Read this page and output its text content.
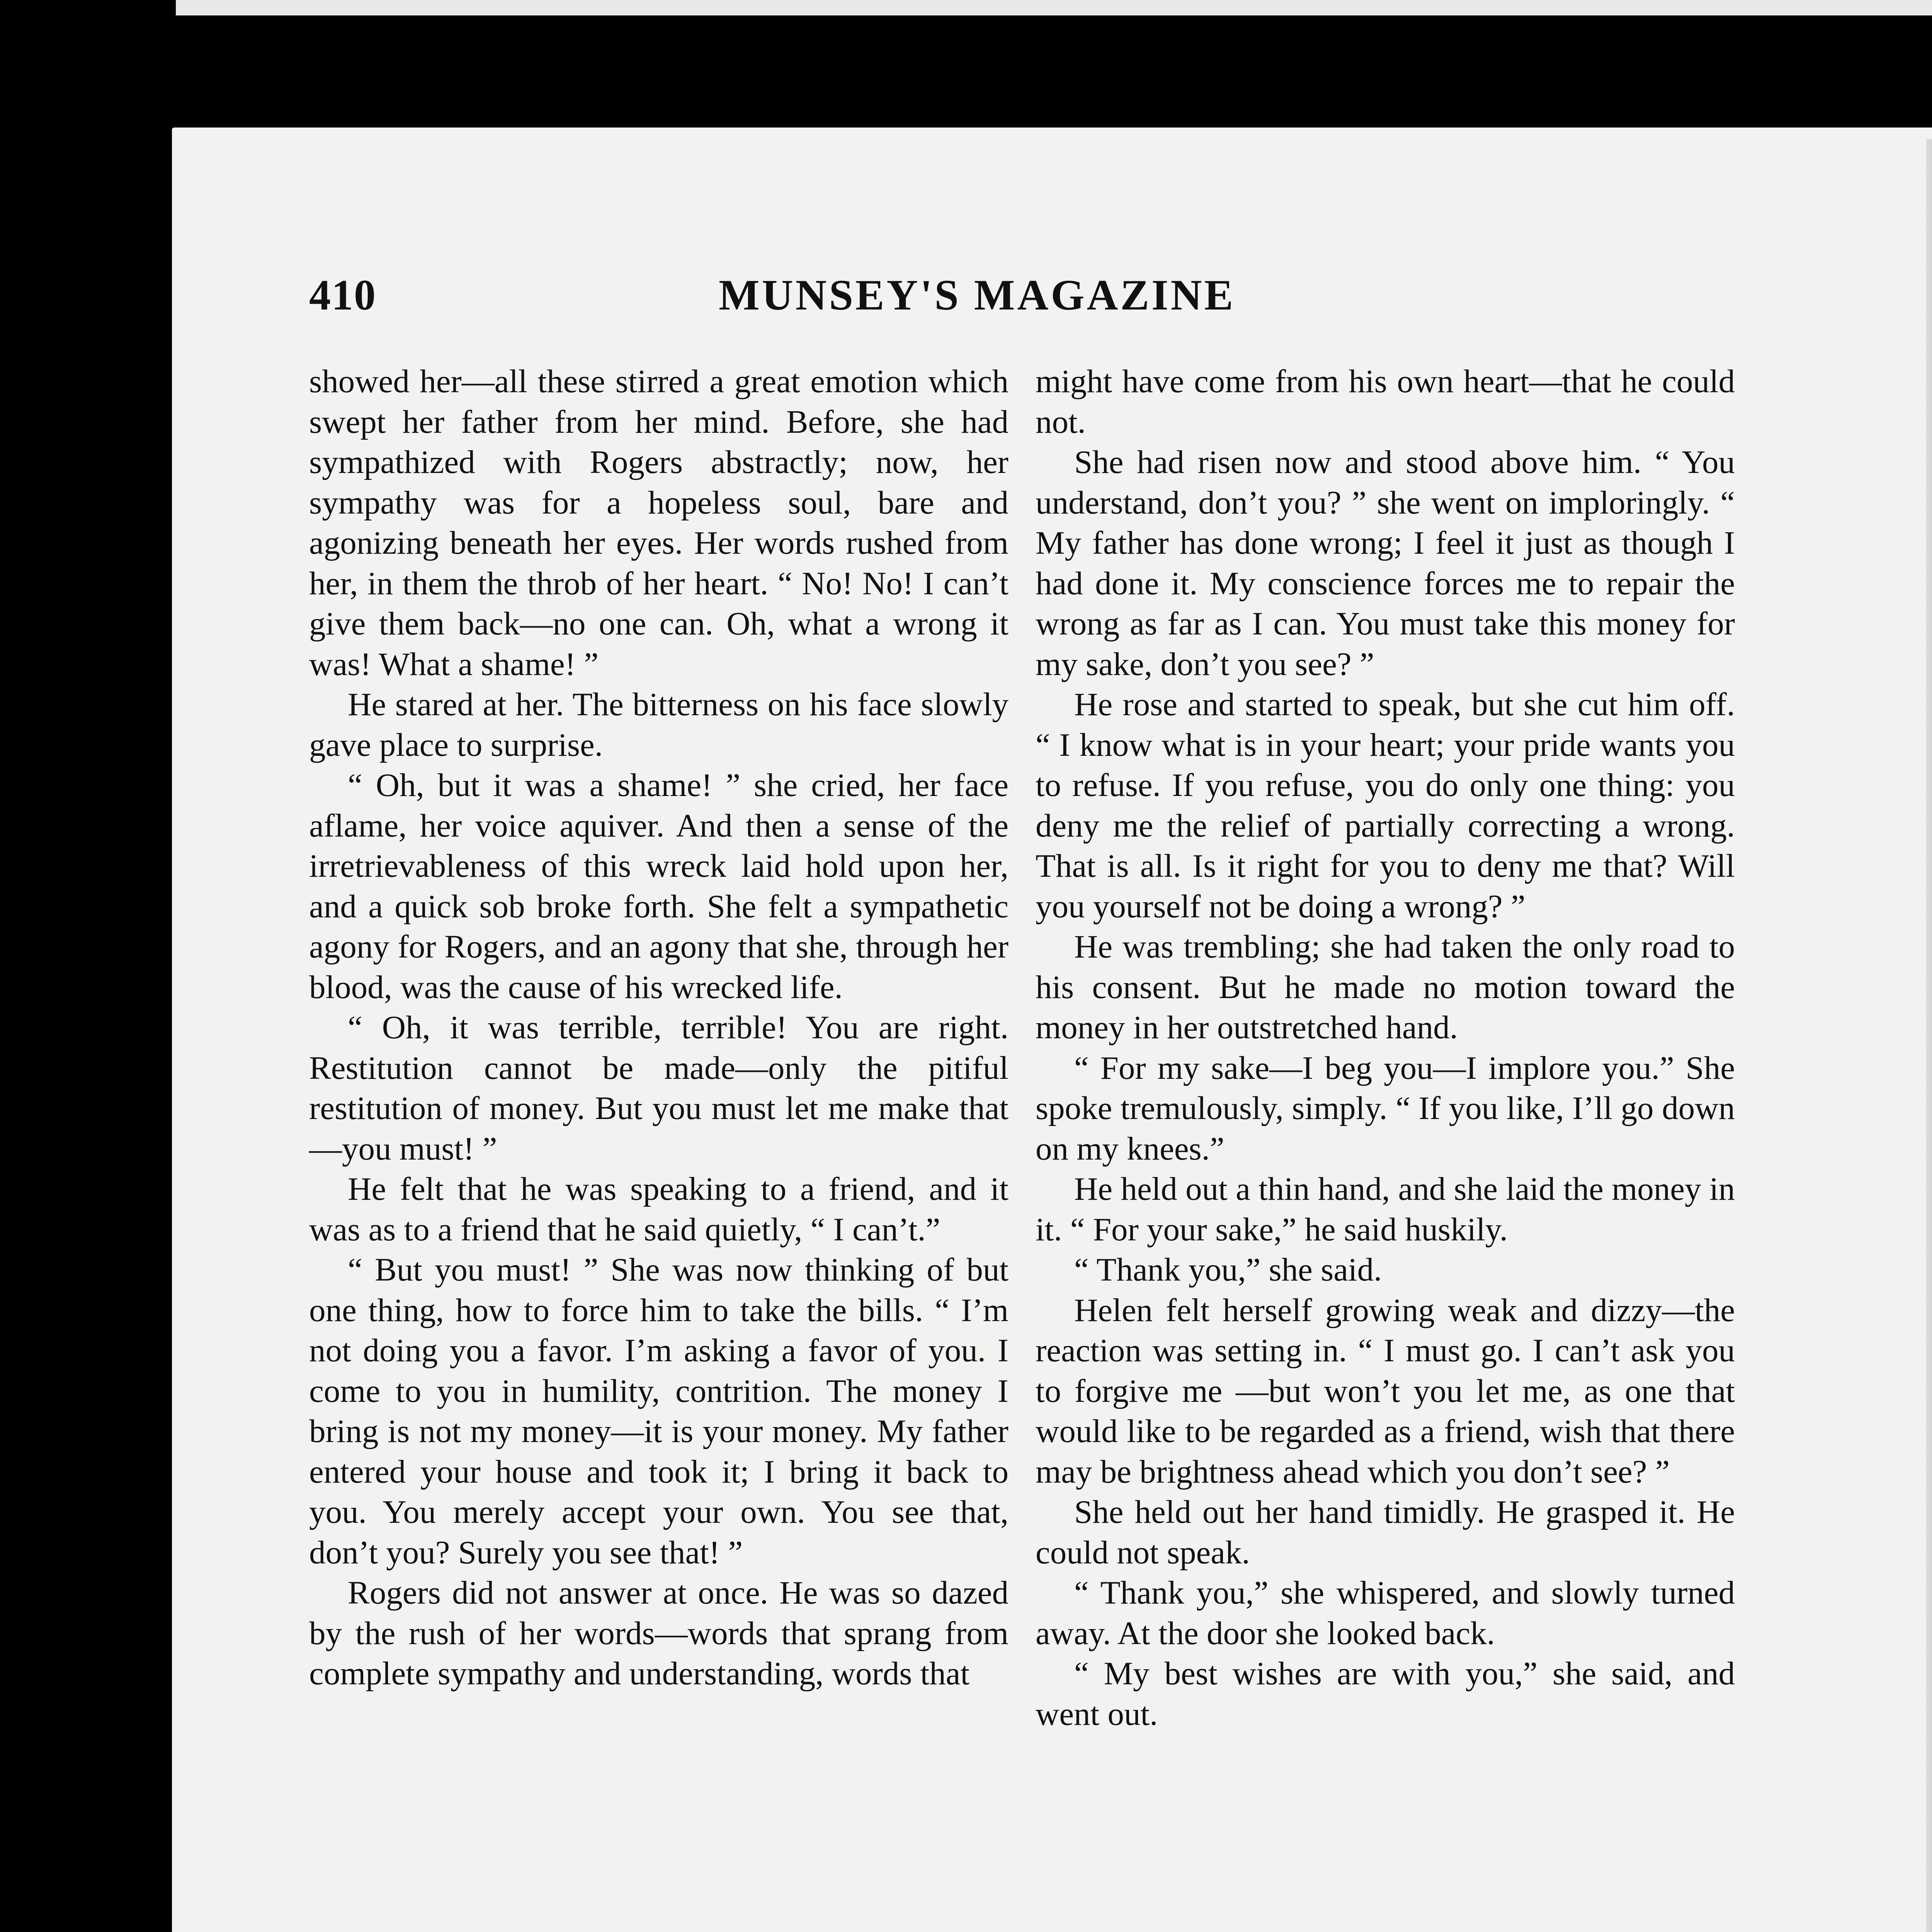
410	MUNSEY'S MAGAZINE

showed her—all these stirred a great emotion which swept her father from her mind. Before, she had sympathized with Rogers abstractly; now, her sympathy was for a hopeless soul, bare and agonizing beneath her eyes. Her words rushed from her, in them the throb of her heart. “ No! No! I can’t give them back—no one can. Oh, what a wrong it was! What a shame! ”

He stared at her. The bitterness on his face slowly gave place to surprise.

“ Oh, but it was a shame! ” she cried, her face aflame, her voice aquiver. And then a sense of the irretrievableness of this wreck laid hold upon her, and a quick sob broke forth. She felt a sympathetic agony for Rogers, and an agony that she, through her blood, was the cause of his wrecked life.

“ Oh, it was terrible, terrible! You are right. Restitution cannot be made—only the pitiful restitution of money. But you must let me make that—you must! ”

He felt that he was speaking to a friend, and it was as to a friend that he said quietly, “ I can’t.”

“ But you must! ” She was now thinking of but one thing, how to force him to take the bills. “ I’m not doing you a favor. I’m asking a favor of you. I come to you in humility, contrition. The money I bring is not my money—it is your money. My father entered your house and took it; I bring it back to you. You merely accept your own. You see that, don’t you? Surely you see that! ”

Rogers did not answer at once. He was so dazed by the rush of her words—words that sprang from complete sympathy and understanding, words that

might have come from his own heart—that he could not.

She had risen now and stood above him. “ You understand, don’t you? ” she went on imploringly. “ My father has done wrong; I feel it just as though I had done it. My conscience forces me to repair the wrong as far as I can. You must take this money for my sake, don’t you see? ”

He rose and started to speak, but she cut him off. “ I know what is in your heart; your pride wants you to refuse. If you refuse, you do only one thing: you deny me the relief of partially correcting a wrong. That is all. Is it right for you to deny me that? Will you yourself not be doing a wrong? ”

He was trembling; she had taken the only road to his consent. But he made no motion toward the money in her outstretched hand.

“ For my sake—I beg you—I implore you.” She spoke tremulously, simply. “ If you like, I’ll go down on my knees.”

He held out a thin hand, and she laid the money in it. “ For your sake,” he said huskily.

“ Thank you,” she said.

Helen felt herself growing weak and dizzy—the reaction was setting in. “ I must go. I can’t ask you to forgive me —but won’t you let me, as one that would like to be regarded as a friend, wish that there may be brightness ahead which you don’t see? ”

She held out her hand timidly. He grasped it. He could not speak.

“ Thank you,” she whispered, and slowly turned away. At the door she looked back.

“ My best wishes are with you,” she said, and went out.
